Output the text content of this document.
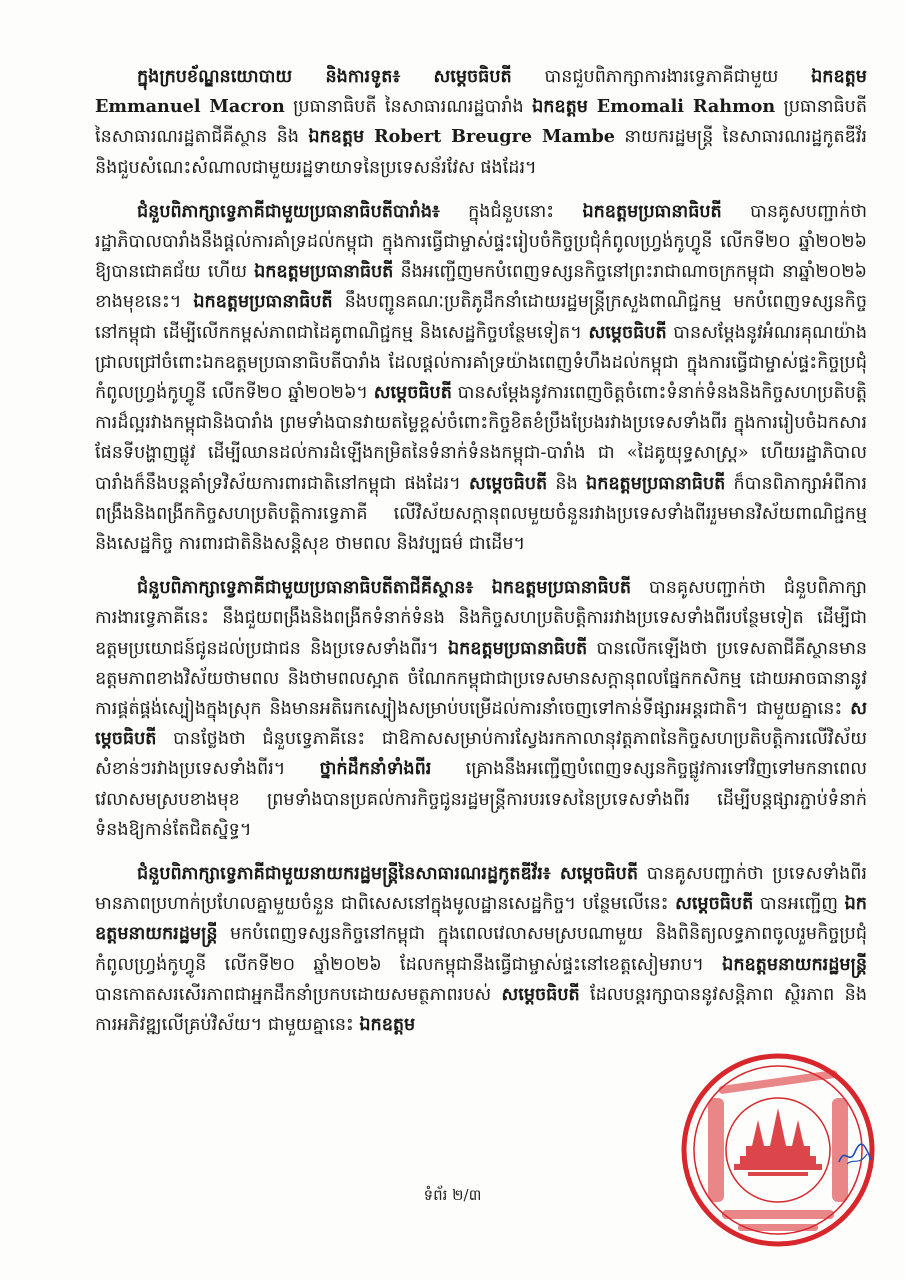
ក្នុងក្របខ័ណ្ឌនយោបាយ និងការទូត៖ សម្តេចធិបតី បានជួបពិភាក្សាការងារទ្វេភាគីជាមួយ ឯកឧត្តម Emmanuel Macron ប្រធានាធិបតី នៃសាធារណរដ្ឋបារាំង ឯកឧត្តម Emomali Rahmon ប្រធានាធិបតី នៃសាធារណរដ្ឋតាជីគីស្ថាន និង ឯកឧត្តម Robert Breugre Mambe នាយករដ្ឋមន្ត្រី នៃសាធារណរដ្ឋកូតឌីវ័រ និងជួបសំណេះសំណាលជាមួយរដ្ឋទាយាទនៃប្រទេសន័រវែស ផងដែរ។

ជំនួបពិភាក្សាទ្វេភាគីជាមួយប្រធានាធិបតីបារាំង៖ ក្នុងជំនួបនោះ ឯកឧត្តមប្រធានាធិបតី បានគូសបញ្ជាក់ថា រដ្ឋាភិបាលបារាំងនឹងផ្តល់ការគាំទ្រដល់កម្ពុជា ក្នុងការធ្វើជាម្ចាស់ផ្ទះរៀបចំកិច្ចប្រជុំកំពូលហ្វ្រង់កូហ្វូនី លើកទី២០ ឆ្នាំ២០២៦ ឱ្យបានជោគជ័យ ហើយ ឯកឧត្តមប្រធានាធិបតី នឹងអញ្ជើញមកបំពេញទស្សនកិច្ចនៅព្រះរាជាណាចក្រកម្ពុជា នាឆ្នាំ២០២៦ ខាងមុខនេះ។ ឯកឧត្តមប្រធានាធិបតី នឹងបញ្ជូនគណៈប្រតិភូដឹកនាំដោយរដ្ឋមន្ត្រីក្រសួងពាណិជ្ជកម្ម មកបំពេញទស្សនកិច្ចនៅកម្ពុជា ដើម្បីលើកកម្ពស់ភាពជាដៃគូពាណិជ្ជកម្ម និងសេដ្ឋកិច្ចបន្ថែមទៀត។ សម្តេចធិបតី បានសម្តែងនូវអំណរគុណយ៉ាងជ្រាលជ្រៅចំពោះឯកឧត្តមប្រធានាធិបតីបារាំង ដែលផ្តល់ការគាំទ្រយ៉ាងពេញទំហឹងដល់កម្ពុជា ក្នុងការធ្វើជាម្ចាស់ផ្ទះកិច្ចប្រជុំកំពូលហ្វ្រង់កូហ្វូនី លើកទី២០ ឆ្នាំ២០២៦។ សម្តេចធិបតី បានសម្តែងនូវការពេញចិត្តចំពោះទំនាក់ទំនងនិងកិច្ចសហប្រតិបត្តិការដ៏ល្អរវាងកម្ពុជានិងបារាំង ព្រមទាំងបានវាយតម្លៃខ្ពស់ចំពោះកិច្ចខិតខំប្រឹងប្រែងរវាងប្រទេសទាំងពីរ ក្នុងការរៀបចំឯកសារផែនទីបង្ហាញផ្លូវ ដើម្បីឈានដល់ការដំឡើងកម្រិតនៃទំនាក់ទំនងកម្ពុជា-បារាំង ជា «ដៃគូយុទ្ធសាស្ត្រ» ហើយរដ្ឋាភិបាលបារាំងក៏នឹងបន្តគាំទ្រវិស័យការពារជាតិនៅកម្ពុជា ផងដែរ។ សម្តេចធិបតី និង ឯកឧត្តមប្រធានាធិបតី ក៏បានពិភាក្សាអំពីការពង្រឹងនិងពង្រីកកិច្ចសហប្រតិបត្តិការទ្វេភាគី លើវិស័យសក្តានុពលមួយចំនួនរវាងប្រទេសទាំងពីររួមមានវិស័យពាណិជ្ជកម្មនិងសេដ្ឋកិច្ច ការពារជាតិនិងសន្តិសុខ ថាមពល និងវប្បធម៌ ជាដើម។

ជំនួបពិភាក្សាទ្វេភាគីជាមួយប្រធានាធិបតីតាជីគីស្ថាន៖ ឯកឧត្តមប្រធានាធិបតី បានគូសបញ្ជាក់ថា ជំនួបពិភាក្សាការងារទ្វេភាគីនេះ នឹងជួយពង្រឹងនិងពង្រីកទំនាក់ទំនង និងកិច្ចសហប្រតិបត្តិការរវាងប្រទេសទាំងពីរបន្ថែមទៀត ដើម្បីជាឧត្តមប្រយោជន៍ជូនដល់ប្រជាជន និងប្រទេសទាំងពីរ។ ឯកឧត្តមប្រធានាធិបតី បានលើកឡើងថា ប្រទេសតាជីគីស្ថានមានឧត្តមភាពខាងវិស័យថាមពល និងថាមពលស្អាត ចំណែកកម្ពុជាជាប្រទេសមានសក្តានុពលផ្នែកកសិកម្ម ដោយអាចធានានូវការផ្គត់ផ្គង់ស្បៀងក្នុងស្រុក និងមានអតិរេកស្បៀងសម្រាប់បម្រើដល់ការនាំចេញទៅកាន់ទីផ្សារអន្តរជាតិ។ ជាមួយគ្នានេះ សម្តេចធិបតី បានថ្លែងថា ជំនួបទ្វេភាគីនេះ ជាឱកាសសម្រាប់ការស្វែងរកកាលានុវត្តភាពនៃកិច្ចសហប្រតិបត្តិការលើវិស័យសំខាន់ៗរវាងប្រទេសទាំងពីរ។ ថ្នាក់ដឹកនាំទាំងពីរ គ្រោងនឹងអញ្ជើញបំពេញទស្សនកិច្ចផ្លូវការទៅវិញទៅមកនាពេលវេលាសមស្របខាងមុខ ព្រមទាំងបានប្រគល់ការកិច្ចជូនរដ្ឋមន្ត្រីការបរទេសនៃប្រទេសទាំងពីរ ដើម្បីបន្តផ្សារភ្ជាប់ទំនាក់ទំនងឱ្យកាន់តែជិតស្និទ្ធ។

ជំនួបពិភាក្សាទ្វេភាគីជាមួយនាយករដ្ឋមន្ត្រីនៃសាធារណរដ្ឋកូតឌីវ័រ៖ សម្តេចធិបតី បានគូសបញ្ជាក់ថា ប្រទេសទាំងពីរមានភាពប្រហាក់ប្រហែលគ្នាមួយចំនួន ជាពិសេសនៅក្នុងមូលដ្ឋានសេដ្ឋកិច្ច។ បន្ថែមលើនេះ សម្តេចធិបតី បានអញ្ជើញ ឯកឧត្តមនាយករដ្ឋមន្ត្រី មកបំពេញទស្សនកិច្ចនៅកម្ពុជា ក្នុងពេលវេលាសមស្របណាមួយ និងពិនិត្យលទ្ធភាពចូលរួមកិច្ចប្រជុំកំពូលហ្វ្រង់កូហ្វូនី លើកទី២០ ឆ្នាំ២០២៦ ដែលកម្ពុជានឹងធ្វើជាម្ចាស់ផ្ទះនៅខេត្តសៀមរាប។ ឯកឧត្តមនាយករដ្ឋមន្ត្រី បានកោតសរសើរភាពជាអ្នកដឹកនាំប្រកបដោយសមត្ថភាពរបស់ សម្តេចធិបតី ដែលបន្តរក្សាបាននូវសន្តិភាព ស្ថិរភាព និងការអភិវឌ្ឍលើគ្រប់វិស័យ។ ជាមួយគ្នានេះ ឯកឧត្តម

ទំព័រ ២/៣
